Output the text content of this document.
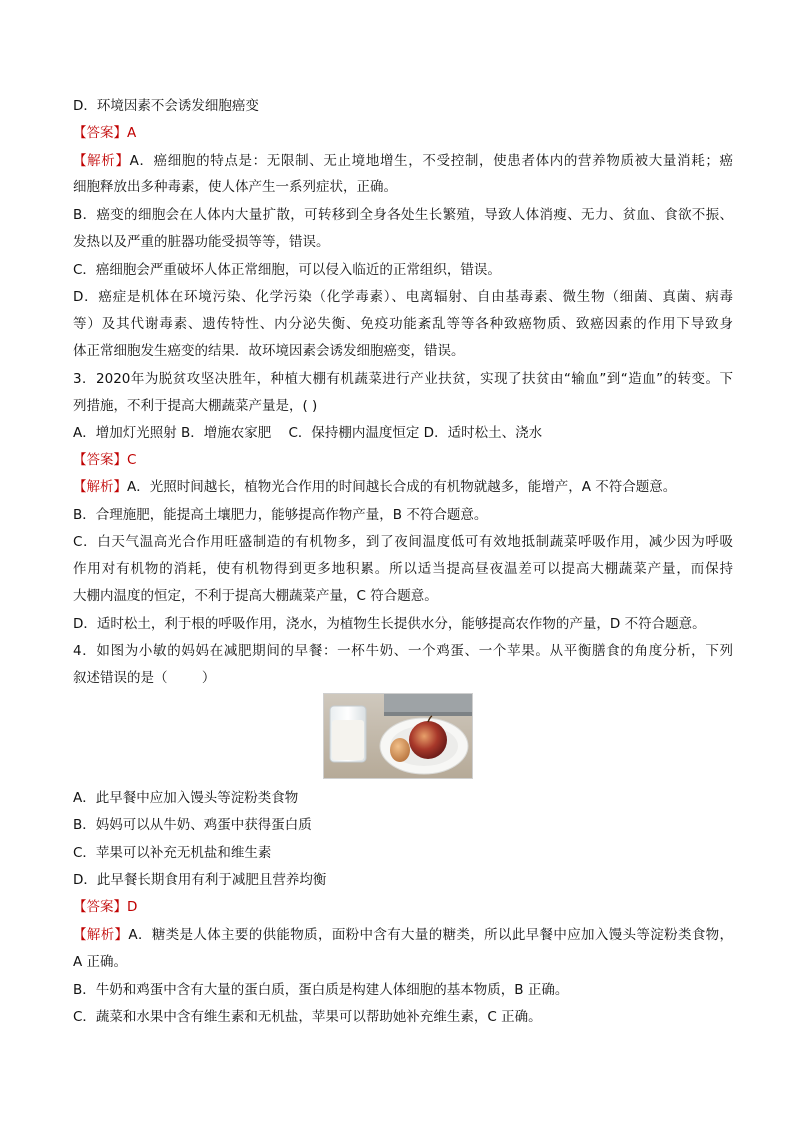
D．环境因素不会诱发细胞癌变
【答案】A
【解析】A．癌细胞的特点是：无限制、无止境地增生，不受控制，使患者体内的营养物质被大量消耗；癌
细胞释放出多种毒素，使人体产生一系列症状，正确。
B．癌变的细胞会在人体内大量扩散，可转移到全身各处生长繁殖，导致人体消瘦、无力、贫血、食欲不振、
发热以及严重的脏器功能受损等等，错误。
C．癌细胞会严重破坏人体正常细胞，可以侵入临近的正常组织，错误。
D．癌症是机体在环境污染、化学污染（化学毒素）、电离辐射、自由基毒素、微生物（细菌、真菌、病毒
等）及其代谢毒素、遗传特性、内分泌失衡、免疫功能紊乱等等各种致癌物质、致癌因素的作用下导致身
体正常细胞发生癌变的结果．故环境因素会诱发细胞癌变，错误。
3．2020年为脱贫攻坚决胜年，种植大棚有机蔬菜进行产业扶贫，实现了扶贫由“输血”到“造血”的转变。下
列措施，不利于提高大棚蔬菜产量是，( )
A．增加灯光照射 B．增施农家肥    C．保持棚内温度恒定 D．适时松土、浇水
【答案】C
【解析】A．光照时间越长，植物光合作用的时间越长合成的有机物就越多，能增产，A 不符合题意。
B．合理施肥，能提高土壤肥力，能够提高作物产量，B 不符合题意。
C．白天气温高光合作用旺盛制造的有机物多，到了夜间温度低可有效地抵制蔬菜呼吸作用，减少因为呼吸
作用对有机物的消耗，使有机物得到更多地积累。所以适当提高昼夜温差可以提高大棚蔬菜产量，而保持
大棚内温度的恒定，不利于提高大棚蔬菜产量，C 符合题意。
D．适时松土，利于根的呼吸作用，浇水，为植物生长提供水分，能够提高农作物的产量，D 不符合题意。
4．如图为小敏的妈妈在减肥期间的早餐：一杯牛奶、一个鸡蛋、一个苹果。从平衡膳食的角度分析，下列
叙述错误的是（        ）
A．此早餐中应加入馒头等淀粉类食物
B．妈妈可以从牛奶、鸡蛋中获得蛋白质
C．苹果可以补充无机盐和维生素
D．此早餐长期食用有利于减肥且营养均衡
【答案】D
【解析】A．糖类是人体主要的供能物质，面粉中含有大量的糖类，所以此早餐中应加入馒头等淀粉类食物，
A 正确。
B．牛奶和鸡蛋中含有大量的蛋白质，蛋白质是构建人体细胞的基本物质，B 正确。
C．蔬菜和水果中含有维生素和无机盐，苹果可以帮助她补充维生素，C 正确。
